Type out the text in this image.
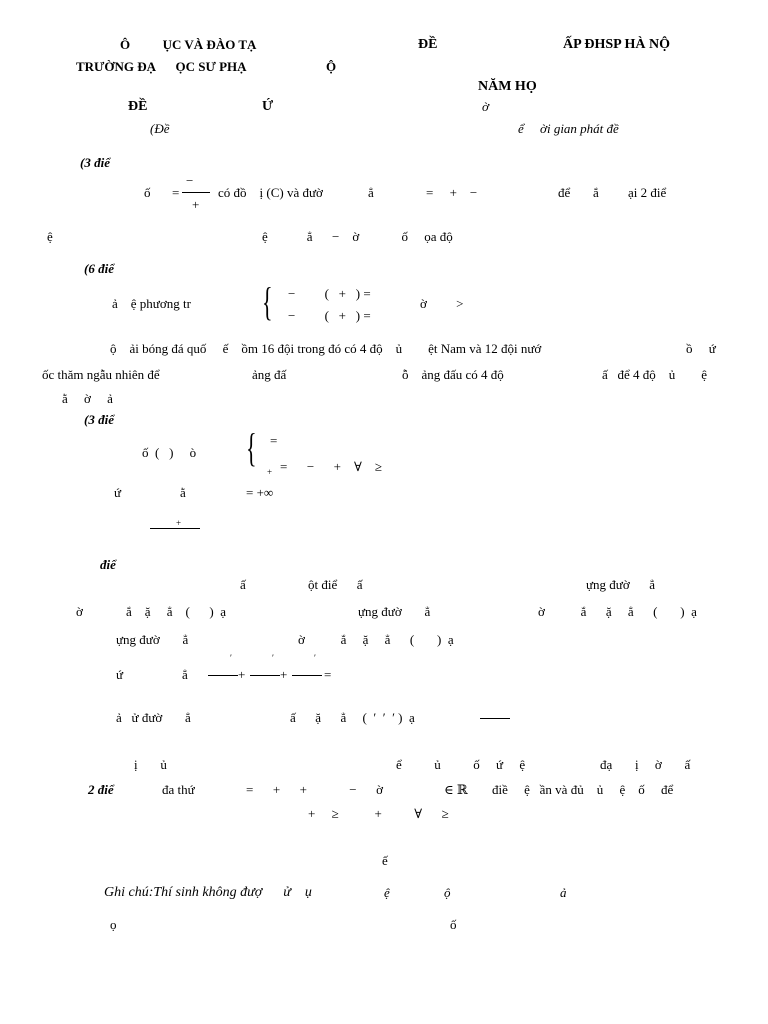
Ô          ỤC VÀ ĐÀO TẠ	ĐỀ	ẤP ĐHSP HÀ NỘ
TRƯỜNG ĐẠ      ỌC SƯ PHẠ	Ộ
NĂM HỌ
ĐỀ	Ứ	ờ
(Đề	ể     ời gian phát đề
(3 điể
ố =
−
+
có đồ    ị (C) và đườ	ẳ	=     +    −	để       ắ         ại 2 điể
ệ	ệ            ẳ      −    ờ             ố     ọa độ
(6 điể
ả    ệ phương tr { −         (   +   ) =
−         (   +   ) =
ờ         >
ộ    ải bóng đá quố     ế    ồm 16 đội trong đó có 4 độ    ủ        ệt Nam và 12 đội nướ	ồ     ứ
ốc thăm ngẫu nhiên để	ảng đấ	ỗ    ảng đấu có 4 độ	ấ   để 4 độ    ủ        ệ
ằ     ờ     ả
(3 điể
ố  (   )     ò { =
+ =      −      +    ∀    ≥
ứ	ằ	= +∞
+
điể
ấ	ột điể      ấ	ựng đườ      ẳ
ờ	ắ    ặ     ẳ    (      )  ạ	ựng đườ       ẳ	ờ           ắ      ặ     ẳ      (       )  ạ
ựng đườ       ẳ	ờ           ắ     ặ     ẳ      (       )  ạ
ứ	ẳ
′
+
′
+
′
=
ả   ử đườ       ẳ	ấ      ặ      ẳ     (  ′  ′  ′ )  ạ
ị       ủ	ể          ủ          ố     ứ     ệ	đạ       ị     ờ       ấ
2 điể	đa thứ	=      +      +             −      ờ	∈ ℝ điề     ệ   ần và đủ    ủ     ệ    ố     để
+     ≥           +          ∀      ≥
ế
Ghi chú:Thí sinh không đượ      ử    ụ	ệ	ộ	ả
ọ	ố
